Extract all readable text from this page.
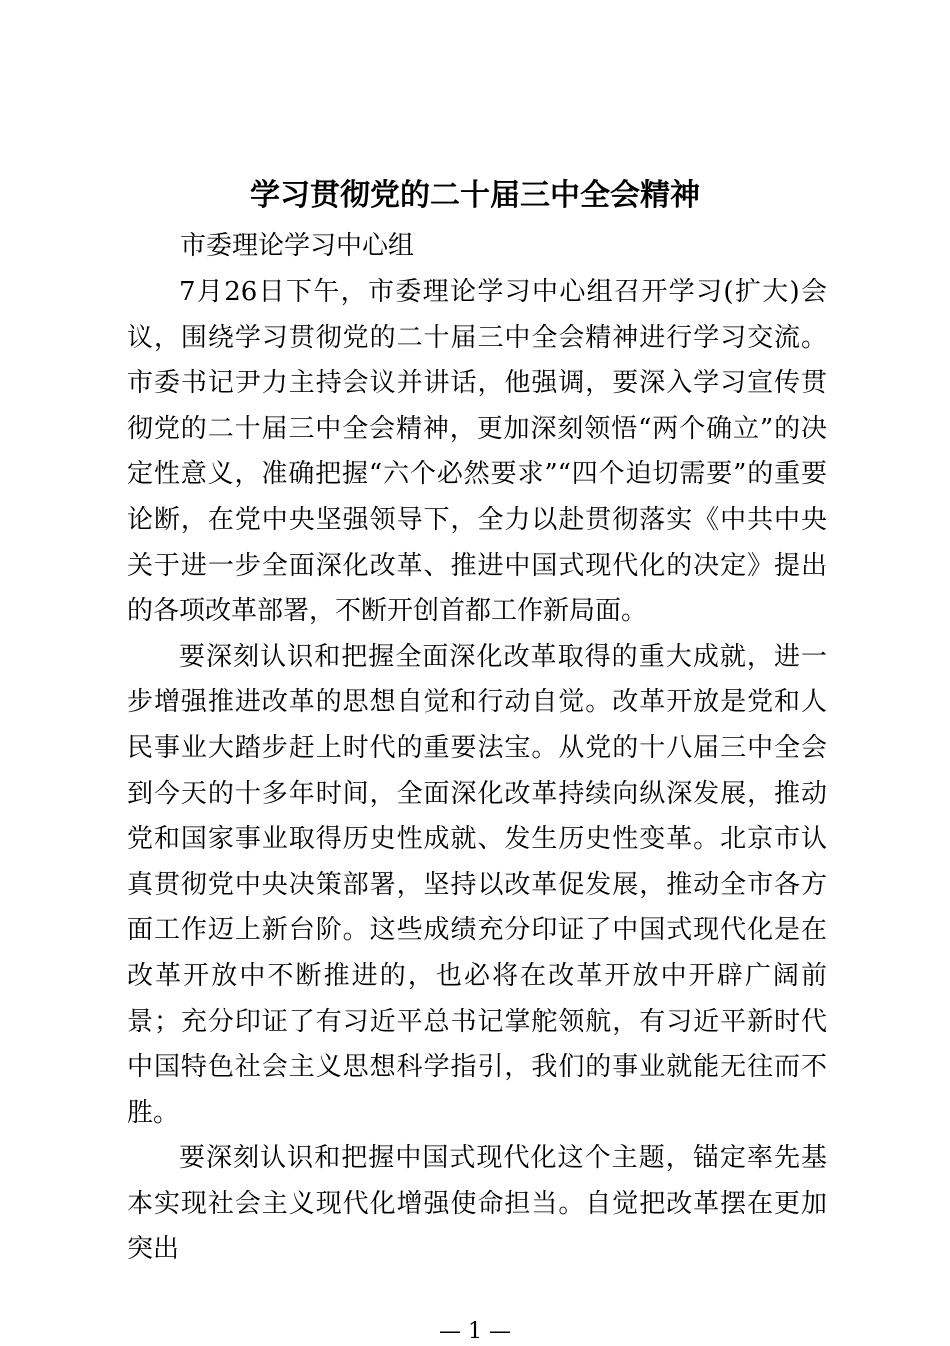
学习贯彻党的二十届三中全会精神
市委理论学习中心组

7月26日下午，市委理论学习中心组召开学习(扩大)会议，围绕学习贯彻党的二十届三中全会精神进行学习交流。市委书记尹力主持会议并讲话，他强调，要深入学习宣传贯彻党的二十届三中全会精神，更加深刻领悟“两个确立”的决定性意义，准确把握“六个必然要求”“四个迫切需要”的重要论断，在党中央坚强领导下，全力以赴贯彻落实《中共中央关于进一步全面深化改革、推进中国式现代化的决定》提出的各项改革部署，不断开创首都工作新局面。

要深刻认识和把握全面深化改革取得的重大成就，进一步增强推进改革的思想自觉和行动自觉。改革开放是党和人民事业大踏步赶上时代的重要法宝。从党的十八届三中全会到今天的十多年时间，全面深化改革持续向纵深发展，推动党和国家事业取得历史性成就、发生历史性变革。北京市认真贯彻党中央决策部署，坚持以改革促发展，推动全市各方面工作迈上新台阶。这些成绩充分印证了中国式现代化是在改革开放中不断推进的，也必将在改革开放中开辟广阔前景；充分印证了有习近平总书记掌舵领航，有习近平新时代中国特色社会主义思想科学指引，我们的事业就能无往而不胜。

要深刻认识和把握中国式现代化这个主题，锚定率先基本实现社会主义现代化增强使命担当。自觉把改革摆在更加突出

— 1 —
